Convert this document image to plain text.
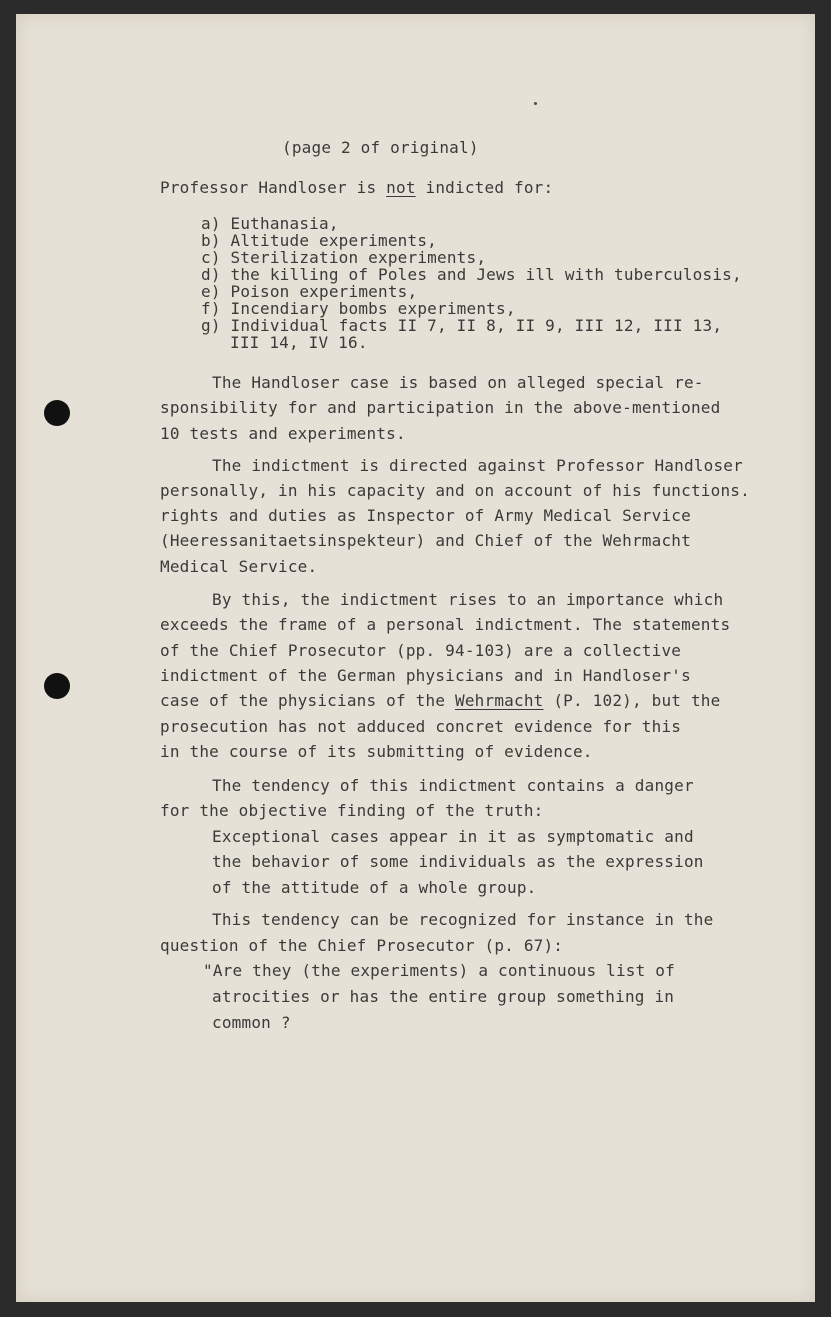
(page 2 of original)
Professor Handloser is not indicted for:
a) Euthanasia,
b) Altitude experiments,
c) Sterilization experiments,
d) the killing of Poles and Jews ill with tuberculosis,
e) Poison experiments,
f) Incendiary bombs experiments,
g) Individual facts II 7, II 8, II 9, III 12, III 13,
III 14, IV 16.
The Handloser case is based on alleged special re-
sponsibility for and participation in the above-mentioned
10 tests and experiments.
The indictment is directed against Professor Handloser
personally, in his capacity and on account of his functions.
rights and duties as Inspector of Army Medical Service
(Heeressanitaetsinspekteur) and Chief of the Wehrmacht
Medical Service.
By this, the indictment rises to an importance which
exceeds the frame of a personal indictment. The statements
of the Chief Prosecutor (pp. 94-103) are a collective
indictment of the German physicians and in Handloser's
case of the physicians of the Wehrmacht (P. 102), but the
prosecution has not adduced concret evidence for this
in the course of its submitting of evidence.
The tendency of this indictment contains a danger
for the objective finding of the truth:
Exceptional cases appear in it as symptomatic and
the behavior of some individuals as the expression
of the attitude of a whole group.
This tendency can be recognized for instance in the
question of the Chief Prosecutor (p. 67):
"Are they (the experiments) a continuous list of
atrocities or has the entire group something in
common ?
